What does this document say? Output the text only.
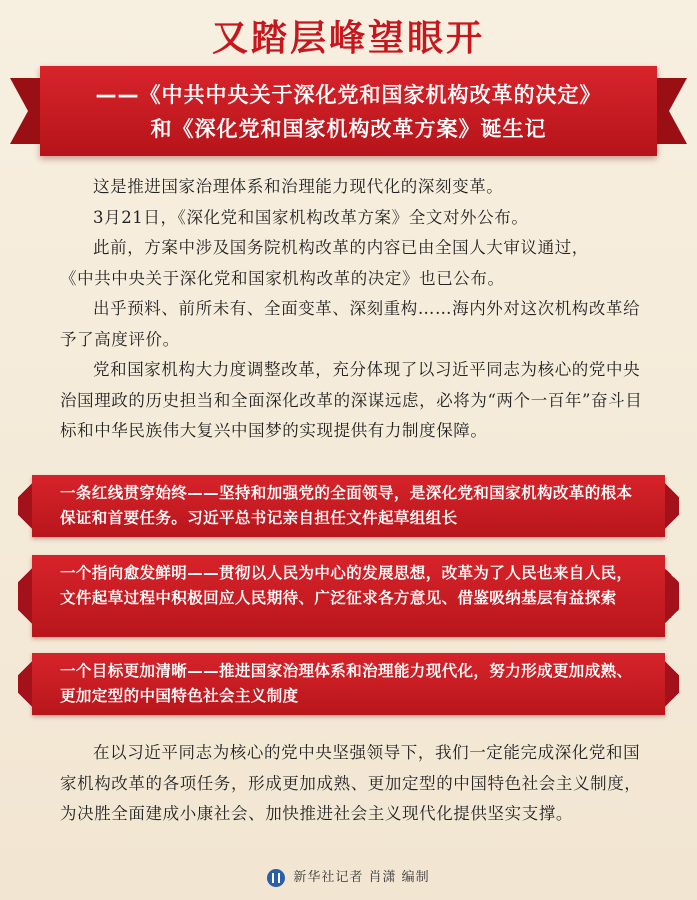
又踏层峰望眼开
——《中共中央关于深化党和国家机构改革的决定》
和《深化党和国家机构改革方案》诞生记

这是推进国家治理体系和治理能力现代化的深刻变革。

3月21日，《深化党和国家机构改革方案》全文对外公布。

此前，方案中涉及国务院机构改革的内容已由全国人大审议通过，

《中共中央关于深化党和国家机构改革的决定》也已公布。

出乎预料、前所未有、全面变革、深刻重构……海内外对这次机构改革给予了高度评价。

党和国家机构大力度调整改革，充分体现了以习近平同志为核心的党中央治国理政的历史担当和全面深化改革的深谋远虑，必将为“两个一百年”奋斗目标和中华民族伟大复兴中国梦的实现提供有力制度保障。

一条红线贯穿始终——坚持和加强党的全面领导，是深化党和国家机构改革的根本保证和首要任务。习近平总书记亲自担任文件起草组组长
一个指向愈发鲜明——贯彻以人民为中心的发展思想，改革为了人民也来自人民，文件起草过程中积极回应人民期待、广泛征求各方意见、借鉴吸纳基层有益探索
一个目标更加清晰——推进国家治理体系和治理能力现代化，努力形成更加成熟、更加定型的中国特色社会主义制度

在以习近平同志为核心的党中央坚强领导下，我们一定能完成深化党和国家机构改革的各项任务，形成更加成熟、更加定型的中国特色社会主义制度，为决胜全面建成小康社会、加快推进社会主义现代化提供坚实支撑。

新华社记者 肖潇 编制
